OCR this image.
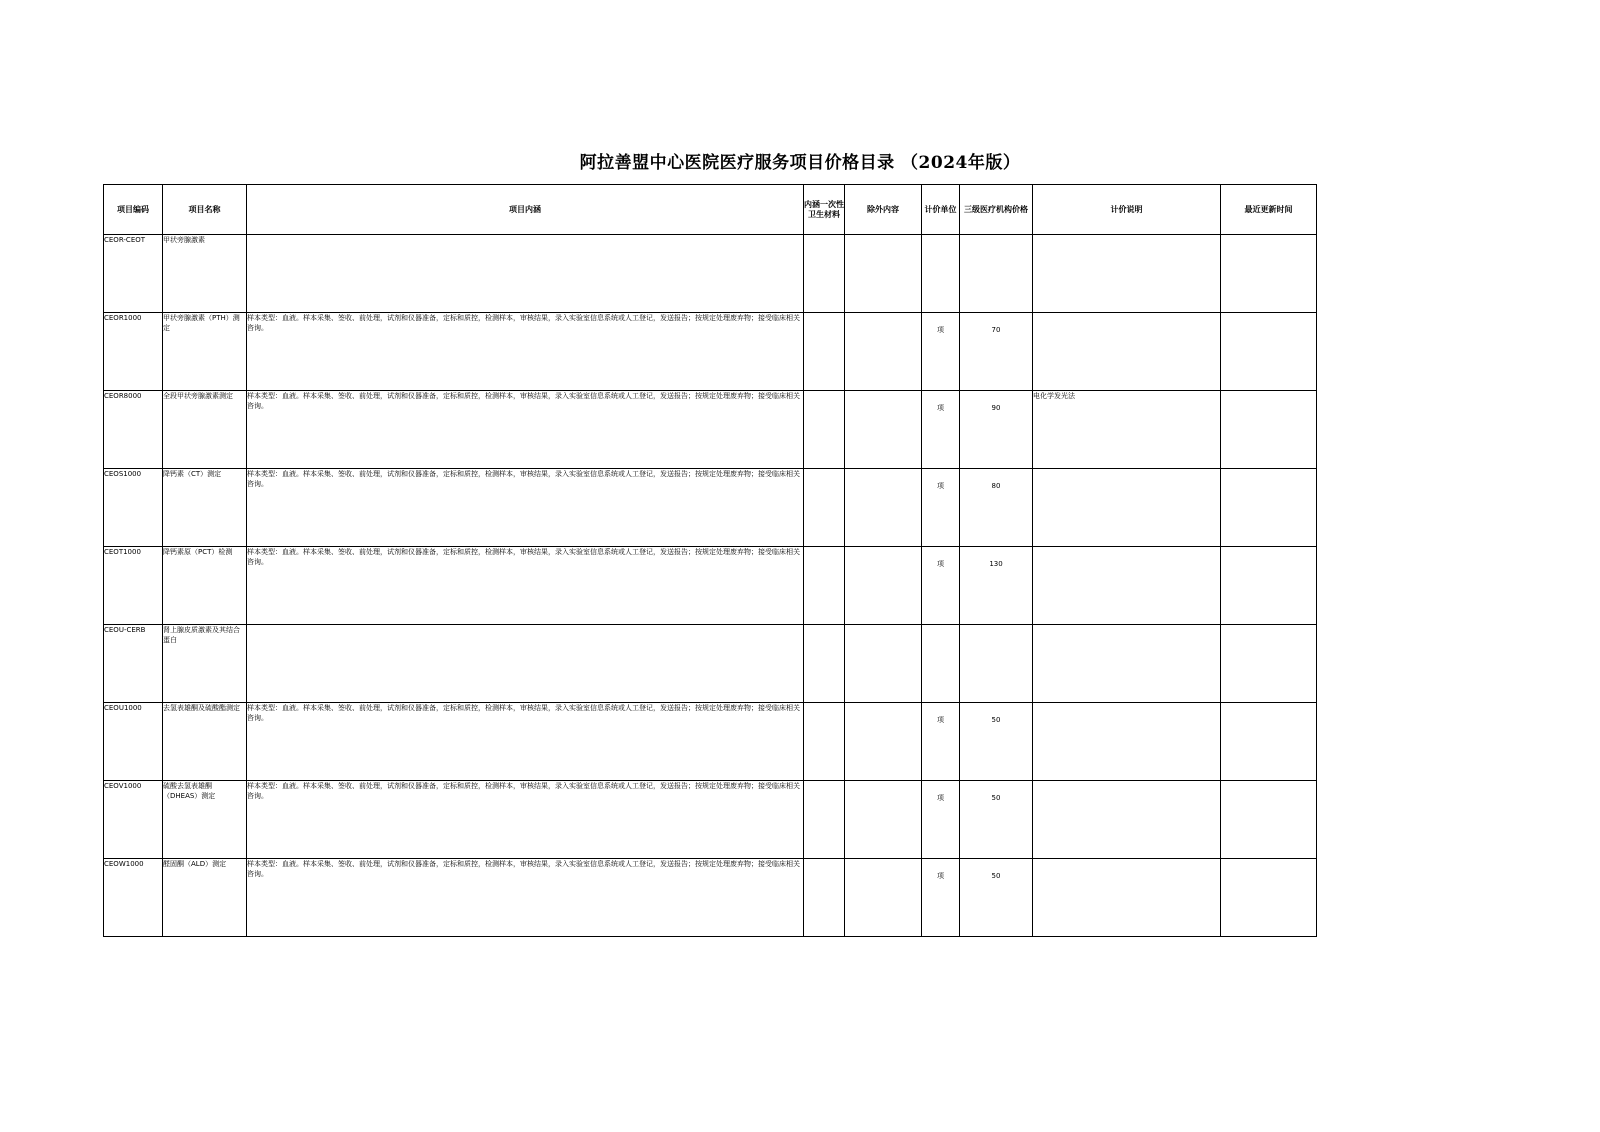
阿拉善盟中心医院医疗服务项目价格目录 （2024年版）
项目编码	项目名称	项目内涵	内涵一次性卫生材料	除外内容	计价单位	三级医疗机构价格	计价说明	最近更新时间
CEOR-CEOT	甲状旁腺激素							
CEOR1000	甲状旁腺激素（PTH）测定	样本类型：血液。样本采集、签收、前处理，试剂和仪器准备，定标和质控，检测样本，审核结果，录入实验室信息系统或人工登记，发送报告；按规定处理废弃物；接受临床相关咨询。			项	70		
CEOR8000	全段甲状旁腺激素测定	样本类型：血液。样本采集、签收、前处理，试剂和仪器准备，定标和质控，检测样本，审核结果，录入实验室信息系统或人工登记，发送报告；按规定处理废弃物；接受临床相关咨询。			项	90	电化学发光法	
CEOS1000	降钙素（CT）测定	样本类型：血液。样本采集、签收、前处理，试剂和仪器准备，定标和质控，检测样本，审核结果，录入实验室信息系统或人工登记，发送报告；按规定处理废弃物；接受临床相关咨询。			项	80		
CEOT1000	降钙素原（PCT）检测	样本类型：血液。样本采集、签收、前处理，试剂和仪器准备，定标和质控，检测样本，审核结果，录入实验室信息系统或人工登记，发送报告；按规定处理废弃物；接受临床相关咨询。			项	130		
CEOU-CERB	肾上腺皮质激素及其结合蛋白							
CEOU1000	去氢表雄酮及硫酸酯测定	样本类型：血液。样本采集、签收、前处理，试剂和仪器准备，定标和质控，检测样本，审核结果，录入实验室信息系统或人工登记，发送报告；按规定处理废弃物；接受临床相关咨询。			项	50		
CEOV1000	硫酸去氢表雄酮（DHEAS）测定	样本类型：血液。样本采集、签收、前处理，试剂和仪器准备，定标和质控，检测样本，审核结果，录入实验室信息系统或人工登记，发送报告；按规定处理废弃物；接受临床相关咨询。			项	50		
CEOW1000	醛固酮（ALD）测定	样本类型：血液。样本采集、签收、前处理，试剂和仪器准备，定标和质控，检测样本，审核结果，录入实验室信息系统或人工登记，发送报告；按规定处理废弃物；接受临床相关咨询。			项	50		
